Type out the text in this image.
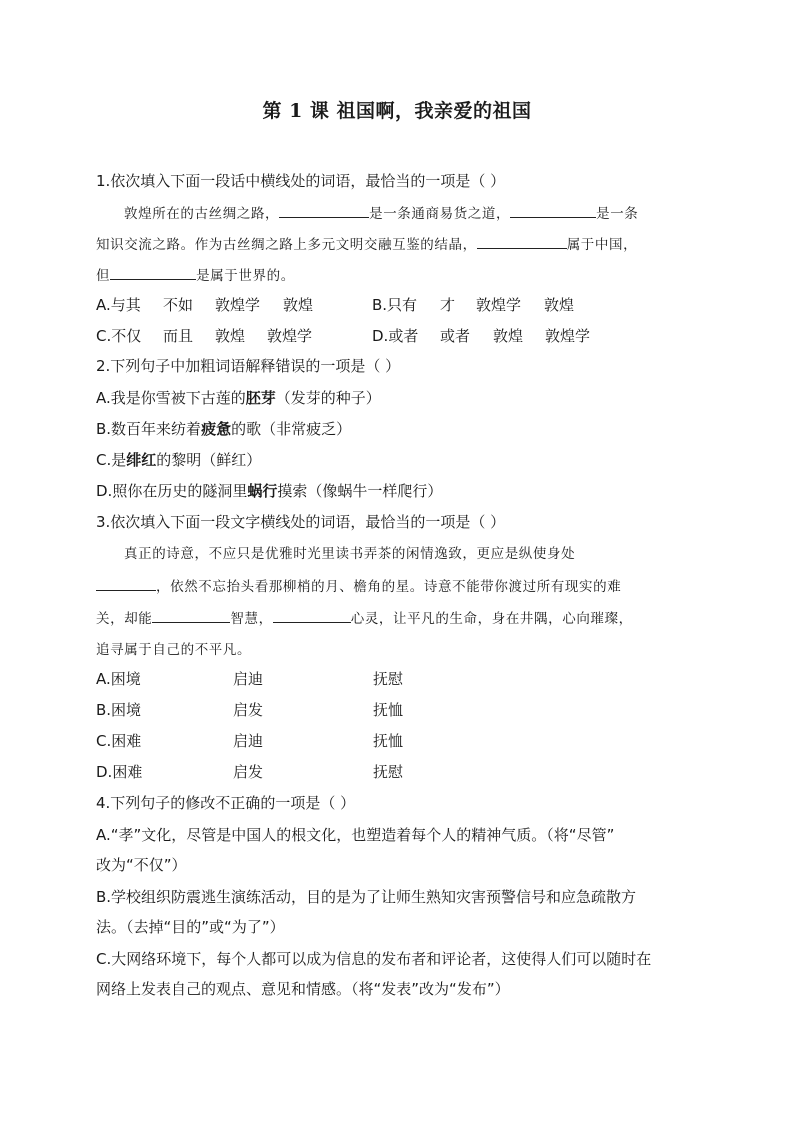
第 1 课 祖国啊，我亲爱的祖国
1.依次填入下面一段话中横线处的词语，最恰当的一项是（ ）
敦煌所在的古丝绸之路，	是一条通商易货之道，	是一条
知识交流之路。作为古丝绸之路上多元文明交融互鉴的结晶，	属于中国，
但	是属于世界的。
A.与其 不如 敦煌学 敦煌	B.只有 才 敦煌学 敦煌
C.不仅 而且 敦煌 敦煌学	D.或者 或者 敦煌 敦煌学
2.下列句子中加粗词语解释错误的一项是（ ）
A.我是你雪被下古莲的胚芽（发芽的种子）
B.数百年来纺着疲惫的歌（非常疲乏）
C.是绯红的黎明（鲜红）
D.照你在历史的隧洞里蜗行摸索（像蜗牛一样爬行）
3.依次填入下面一段文字横线处的词语，最恰当的一项是（ ）
真正的诗意，不应只是优雅时光里读书弄茶的闲情逸致，更应是纵使身处
，依然不忘抬头看那柳梢的月、檐角的星。诗意不能带你渡过所有现实的难
关，却能	智慧，	心灵，让平凡的生命，身在井隅，心向璀璨，
追寻属于自己的不平凡。
A.困境	启迪	抚慰
B.困境	启发	抚恤
C.困难	启迪	抚恤
D.困难	启发	抚慰
4.下列句子的修改不正确的一项是（ ）
A.“孝”文化，尽管是中国人的根文化，也塑造着每个人的精神气质。（将“尽管”
改为“不仅”）
B.学校组织防震逃生演练活动，目的是为了让师生熟知灾害预警信号和应急疏散方
法。（去掉“目的”或“为了”）
C.大网络环境下，每个人都可以成为信息的发布者和评论者，这使得人们可以随时在
网络上发表自己的观点、意见和情感。（将“发表”改为“发布”）
